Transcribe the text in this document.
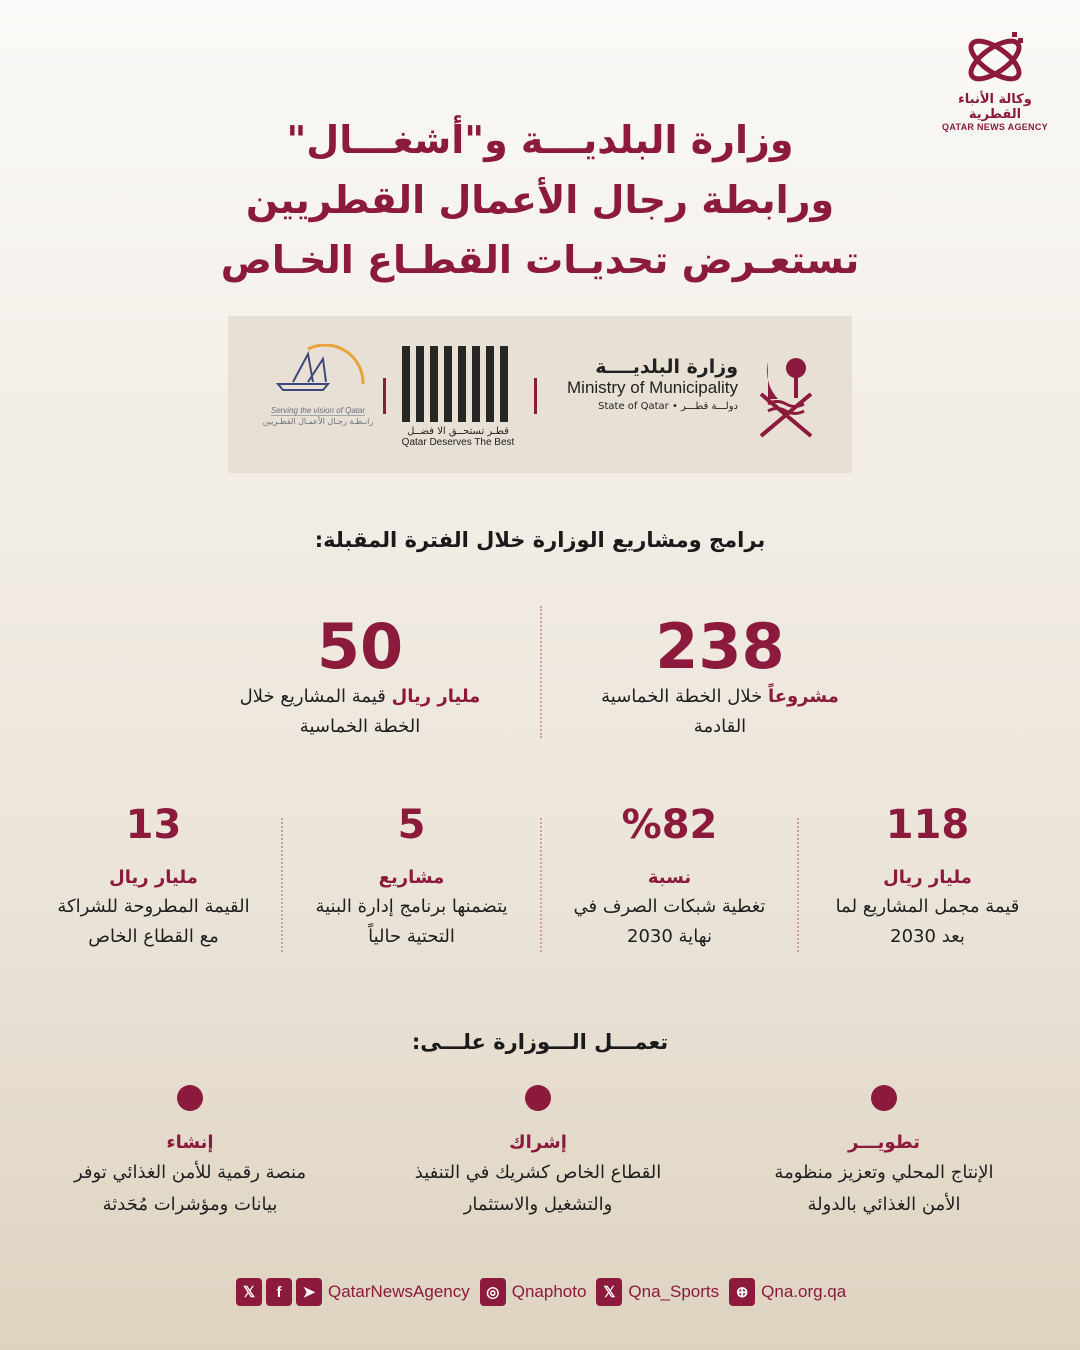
وكالة الأنباء القطرية
QATAR NEWS AGENCY
وزارة البلديـــة و"أشغـــال"
ورابطة رجال الأعمال القطريين
تستعـرض تحديـات القطـاع الخـاص
وزارة البلديــــة
Ministry of Municipality
State of Qatar • دولـــة قطـــر
قطـر تستحــق الا فضــل
Qatar Deserves The Best
Serving the vision of Qatar
رابـطـة رجـال الأعمـال القطـريين
برامج ومشاريع الوزارة خلال الفترة المقبلة:
238
مشروعاً خلال الخطة الخماسية
القادمة
50
مليار ريال قيمة المشاريع خلال
الخطة الخماسية
118
مليار ريال
قيمة مجمل المشاريع لما
بعد 2030
%82
نسبة
تغطية شبكات الصرف في
نهاية 2030
5
مشاريع
يتضمنها برنامج إدارة البنية
التحتية حالياً
13
مليار ريال
القيمة المطروحة للشراكة
مع القطاع الخاص
تعمـــل الـــوزارة علـــى:
تطويـــر
الإنتاج المحلي وتعزيز منظومة
الأمن الغذائي بالدولة
إشراك
القطاع الخاص كشريك في التنفيذ
والتشغيل والاستثمار
إنشاء
منصة رقمية للأمن الغذائي توفر
بيانات ومؤشرات مُحَدثة
𝕏	f	➤ QatarNewsAgency	◎ Qnaphoto	𝕏 Qna_Sports	⊕ Qna.org.qa
